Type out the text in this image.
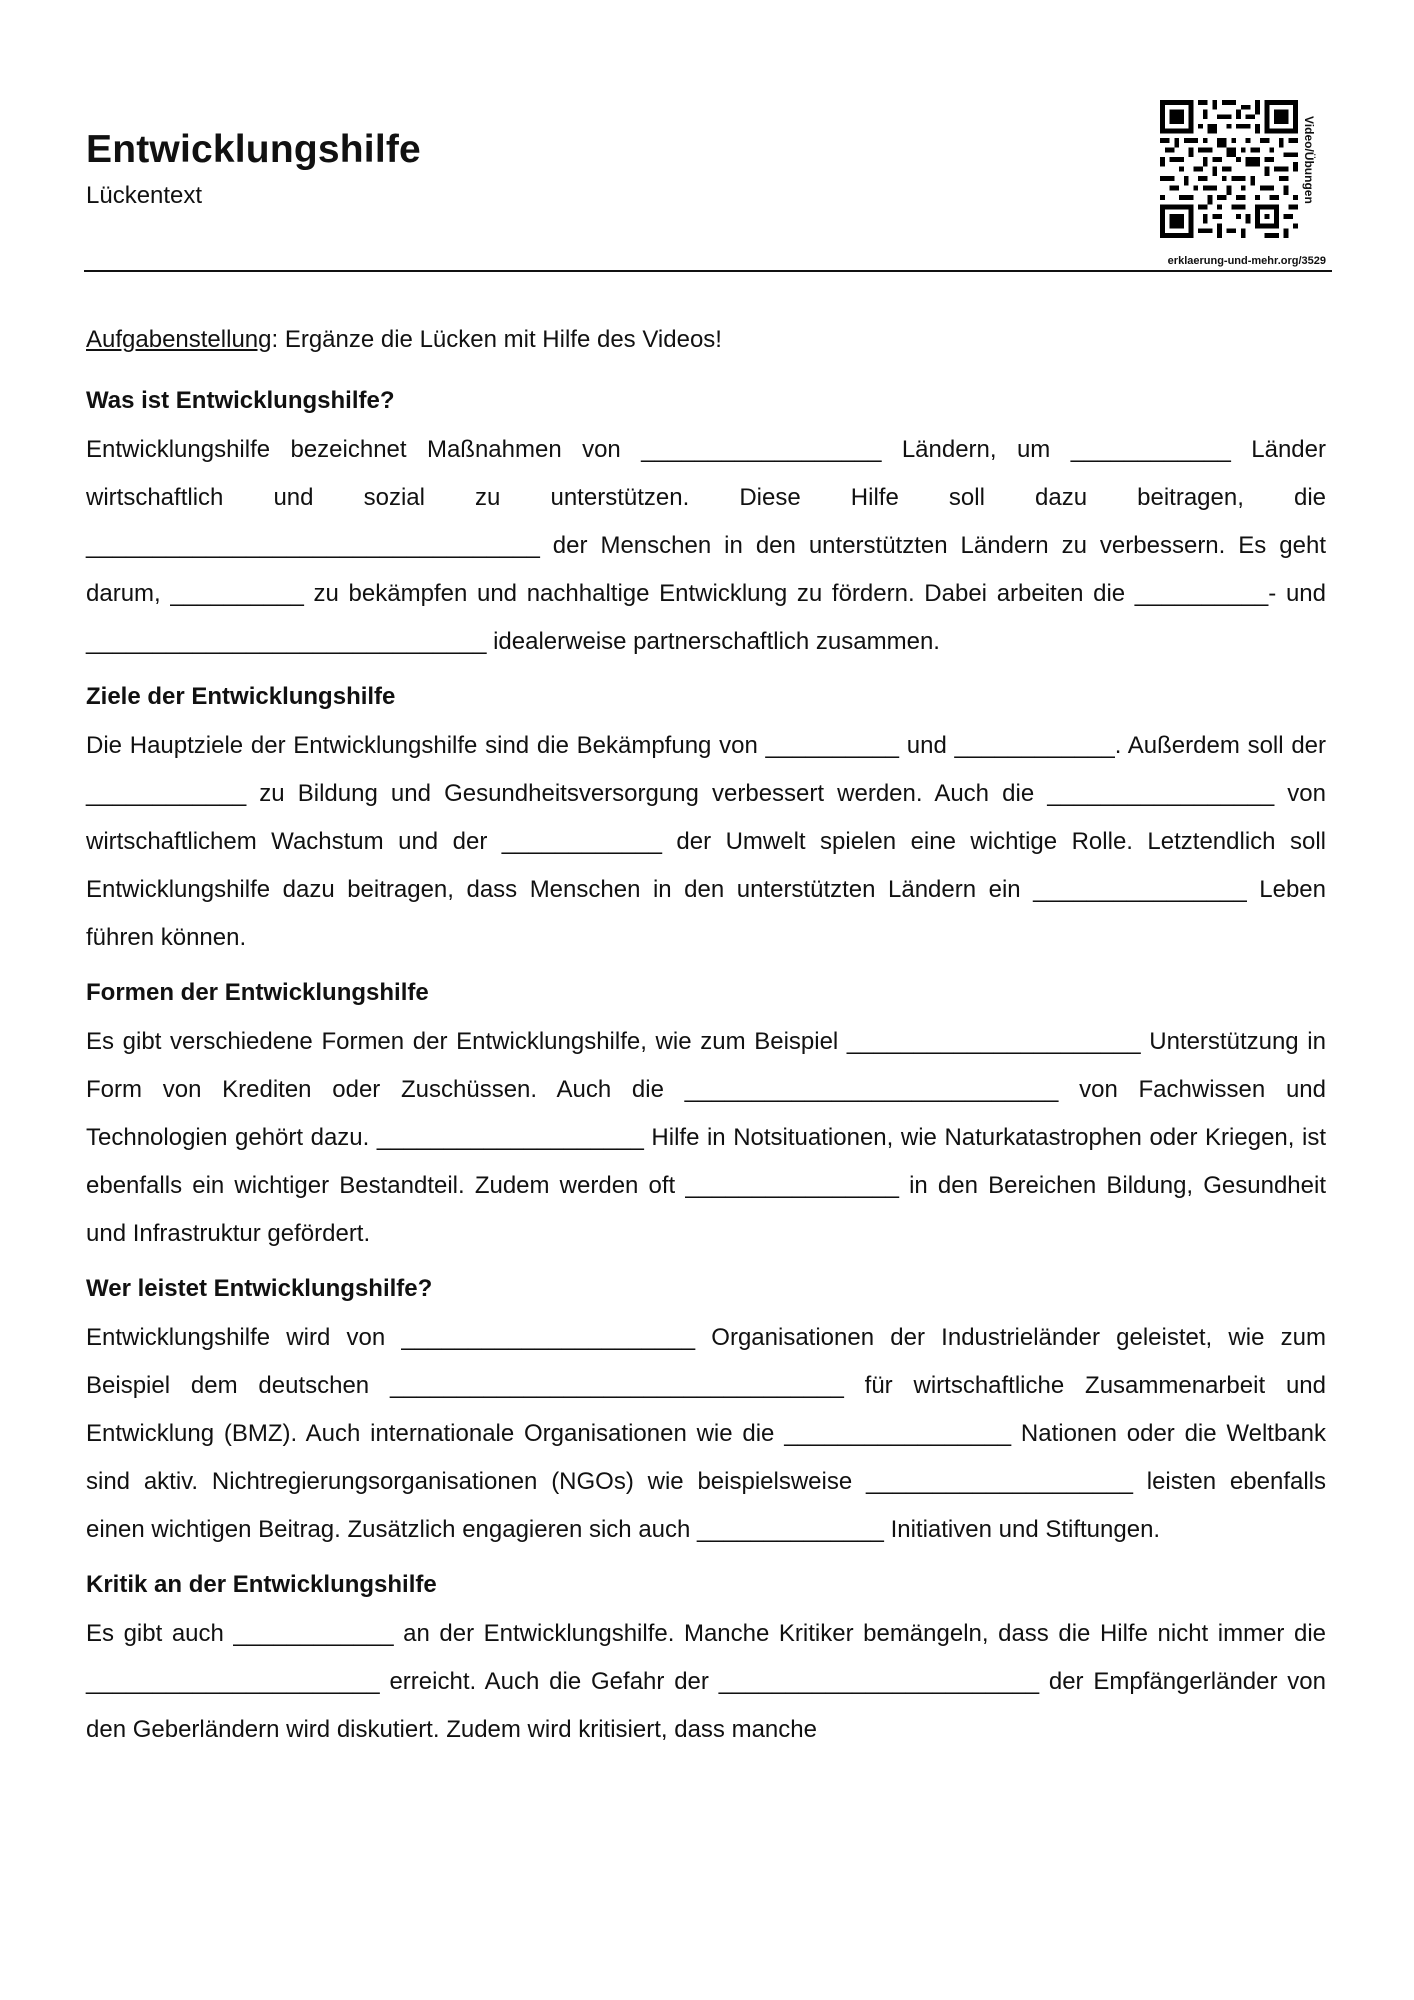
Entwicklungshilfe
Lückentext	Video/Übungen
erklaerung-und-mehr.org/3529

Aufgabenstellung: Ergänze die Lücken mit Hilfe des Videos!

Was ist Entwicklungshilfe?

Entwicklungshilfe bezeichnet Maßnahmen von __________________ Ländern, um ____________ Länder wirtschaftlich und sozial zu unterstützen. Diese Hilfe soll dazu beitragen, die __________________________________ der Menschen in den unterstützten Ländern zu verbessern. Es geht darum, __________ zu bekämpfen und nachhaltige Entwicklung zu fördern. Dabei arbeiten die __________- und ______________________________ idealerweise partnerschaftlich zusammen.

Ziele der Entwicklungshilfe

Die Hauptziele der Entwicklungshilfe sind die Bekämpfung von __________ und ____________. Außerdem soll der ____________ zu Bildung und Gesundheitsversorgung verbessert werden. Auch die _________________ von wirtschaftlichem Wachstum und der ____________ der Umwelt spielen eine wichtige Rolle. Letztendlich soll Entwicklungshilfe dazu beitragen, dass Menschen in den unterstützten Ländern ein ________________ Leben führen können.

Formen der Entwicklungshilfe

Es gibt verschiedene Formen der Entwicklungshilfe, wie zum Beispiel ______________________ Unterstützung in Form von Krediten oder Zuschüssen. Auch die ____________________________ von Fachwissen und Technologien gehört dazu. ____________________ Hilfe in Notsituationen, wie Naturkatastrophen oder Kriegen, ist ebenfalls ein wichtiger Bestandteil. Zudem werden oft ________________ in den Bereichen Bildung, Gesundheit und Infrastruktur gefördert.

Wer leistet Entwicklungshilfe?

Entwicklungshilfe wird von ______________________ Organisationen der Industrieländer geleistet, wie zum Beispiel dem deutschen __________________________________ für wirtschaftliche Zusammenarbeit und Entwicklung (BMZ). Auch internationale Organisationen wie die _________________ Nationen oder die Weltbank sind aktiv. Nichtregierungsorganisationen (NGOs) wie beispielsweise ____________________ leisten ebenfalls einen wichtigen Beitrag. Zusätzlich engagieren sich auch ______________ Initiativen und Stiftungen.

Kritik an der Entwicklungshilfe

Es gibt auch ____________ an der Entwicklungshilfe. Manche Kritiker bemängeln, dass die Hilfe nicht immer die ______________________ erreicht. Auch die Gefahr der ________________________ der Empfängerländer von den Geberländern wird diskutiert. Zudem wird kritisiert, dass manche
